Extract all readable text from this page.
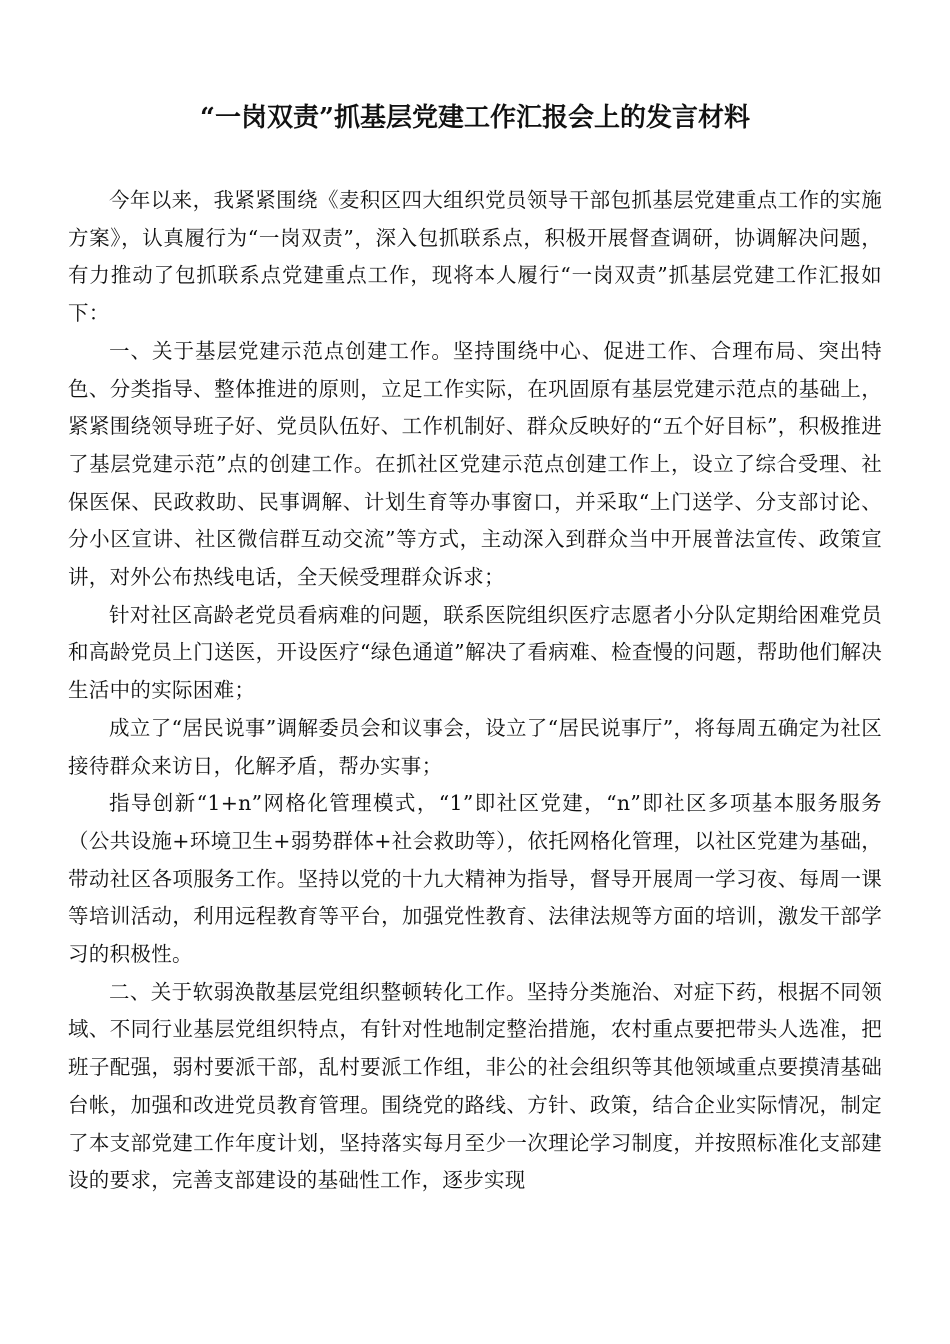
“一岗双责”抓基层党建工作汇报会上的发言材料

今年以来，我紧紧围绕《麦积区四大组织党员领导干部包抓基层党建重点工作的实施方案》，认真履行为“一岗双责”，深入包抓联系点，积极开展督查调研，协调解决问题，有力推动了包抓联系点党建重点工作，现将本人履行“一岗双责”抓基层党建工作汇报如下：

一、关于基层党建示范点创建工作。坚持围绕中心、促进工作、合理布局、突出特色、分类指导、整体推进的原则，立足工作实际，在巩固原有基层党建示范点的基础上，紧紧围绕领导班子好、党员队伍好、工作机制好、群众反映好的“五个好目标”，积极推进了基层党建示范”点的创建工作。在抓社区党建示范点创建工作上，设立了综合受理、社保医保、民政救助、民事调解、计划生育等办事窗口，并采取“上门送学、分支部讨论、分小区宣讲、社区微信群互动交流”等方式，主动深入到群众当中开展普法宣传、政策宣讲，对外公布热线电话，全天候受理群众诉求；

针对社区高龄老党员看病难的问题，联系医院组织医疗志愿者小分队定期给困难党员和高龄党员上门送医，开设医疗“绿色通道”解决了看病难、检查慢的问题，帮助他们解决生活中的实际困难；

成立了“居民说事”调解委员会和议事会，设立了“居民说事厅”，将每周五确定为社区接待群众来访日，化解矛盾，帮办实事；

指导创新“1+n”网格化管理模式，“1”即社区党建，“n”即社区多项基本服务服务（公共设施+环境卫生+弱势群体+社会救助等），依托网格化管理，以社区党建为基础，带动社区各项服务工作。坚持以党的十九大精神为指导，督导开展周一学习夜、每周一课等培训活动，利用远程教育等平台，加强党性教育、法律法规等方面的培训，激发干部学习的积极性。

二、关于软弱涣散基层党组织整顿转化工作。坚持分类施治、对症下药，根据不同领域、不同行业基层党组织特点，有针对性地制定整治措施，农村重点要把带头人选准，把班子配强，弱村要派干部，乱村要派工作组，非公的社会组织等其他领域重点要摸清基础台帐，加强和改进党员教育管理。围绕党的路线、方针、政策，结合企业实际情况，制定了本支部党建工作年度计划，坚持落实每月至少一次理论学习制度，并按照标准化支部建设的要求，完善支部建设的基础性工作，逐步实现
